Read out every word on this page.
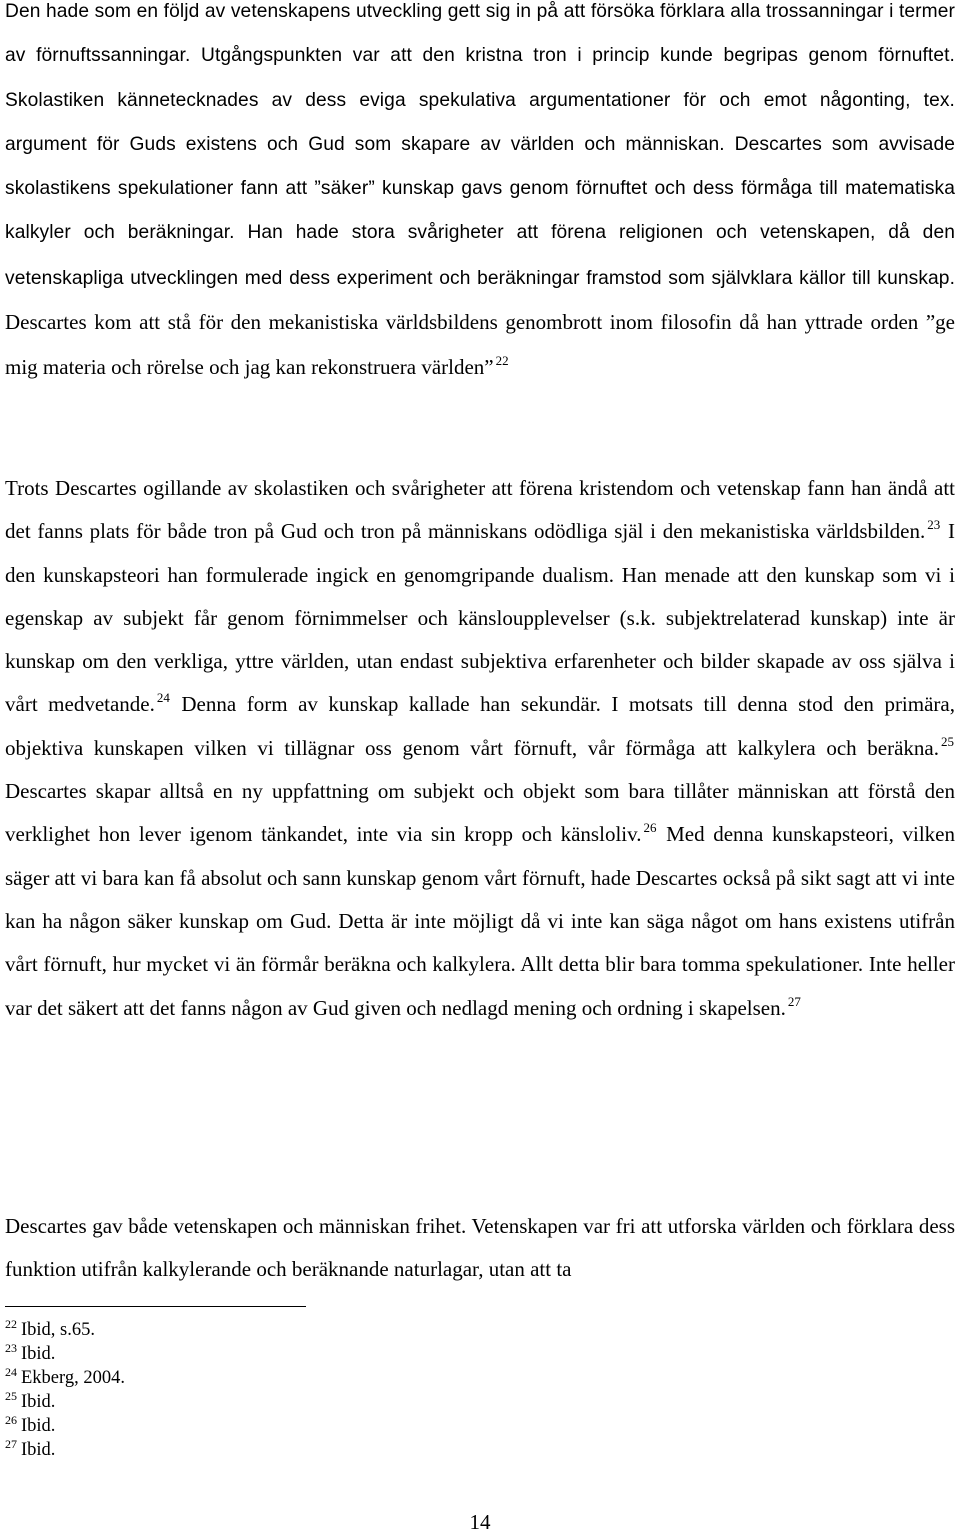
Den hade som en följd av vetenskapens utveckling gett sig in på att försöka förklara alla trossanningar i termer av förnuftssanningar. Utgångspunkten var att den kristna tron i princip kunde begripas genom förnuftet. Skolastiken kännetecknades av dess eviga spekulativa argumentationer för och emot någonting, tex. argument för Guds existens och Gud som skapare av världen och människan. Descartes som avvisade skolastikens spekulationer fann att ”säker” kunskap gavs genom förnuftet och dess förmåga till matematiska kalkyler och beräkningar. Han hade stora svårigheter att förena religionen och vetenskapen, då den vetenskapliga utvecklingen med dess experiment och beräkningar framstod som självklara källor till kunskap. Descartes kom att stå för den mekanistiska världsbildens genombrott inom filosofin då han yttrade orden ”ge mig materia och rörelse och jag kan rekonstruera världen” $^{22}$

Trots Descartes ogillande av skolastiken och svårigheter att förena kristendom och vetenskap fann han ändå att det fanns plats för både tron på Gud och tron på människans odödliga själ i den mekanistiska världsbilden. $^{23}$ I den kunskapsteori han formulerade ingick en genomgripande dualism. Han menade att den kunskap som vi i egenskap av subjekt får genom förnimmelser och känsloupplevelser (s.k. subjektrelaterad kunskap) inte är kunskap om den verkliga, yttre världen, utan endast subjektiva erfarenheter och bilder skapade av oss själva i vårt medvetande. $^{24}$ Denna form av kunskap kallade han sekundär. I motsats till denna stod den primära, objektiva kunskapen vilken vi tillägnar oss genom vårt förnuft, vår förmåga att kalkylera och beräkna. $^{25}$ Descartes skapar alltså en ny uppfattning om subjekt och objekt som bara tillåter människan att förstå den verklighet hon lever igenom tänkandet, inte via sin kropp och känsloliv. $^{26}$ Med denna kunskapsteori, vilken säger att vi bara kan få absolut och sann kunskap genom vårt förnuft, hade Descartes också på sikt sagt att vi inte kan ha någon säker kunskap om Gud. Detta är inte möjligt då vi inte kan säga något om hans existens utifrån vårt förnuft, hur mycket vi än förmår beräkna och kalkylera. Allt detta blir bara tomma spekulationer. Inte heller var det säkert att det fanns någon av Gud given och nedlagd mening och ordning i skapelsen. $^{27}$

Descartes gav både vetenskapen och människan frihet. Vetenskapen var fri att utforska världen och förklara dess funktion utifrån kalkylerande och beräknande naturlagar, utan att ta

$^{22}$ Ibid, s.65.
$^{23}$ Ibid.
$^{24}$ Ekberg, 2004.
$^{25}$ Ibid.
$^{26}$ Ibid.
$^{27}$ Ibid.
14
